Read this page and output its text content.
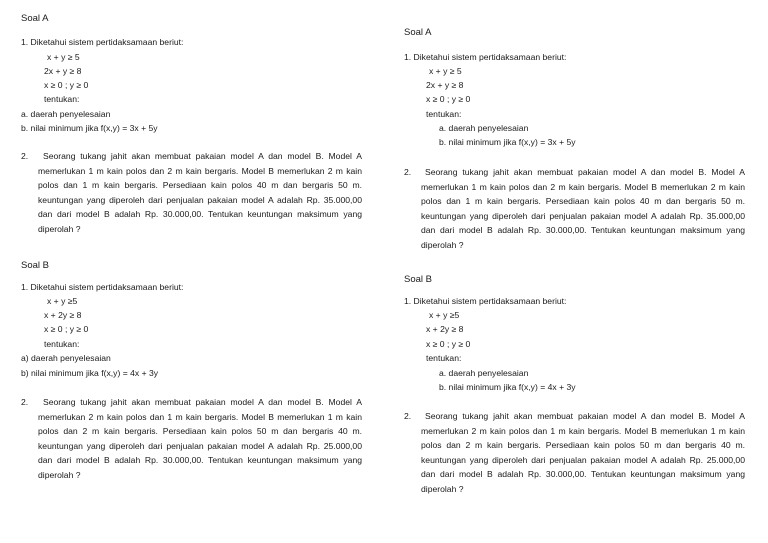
Soal A
1. Diketahui sistem pertidaksamaan beriut:
x + y ≥ 5
2x + y ≥ 8
x ≥ 0 ; y ≥ 0
tentukan:
a. daerah penyelesaian
b. nilai minimum jika f(x,y) = 3x + 5y
2.	Seorang tukang jahit akan membuat pakaian model A dan model B. Model A memerlukan 1 m kain polos dan 2 m kain bergaris. Model B memerlukan 2 m kain polos dan 1 m kain bergaris. Persediaan kain polos 40 m dan bergaris 50 m. keuntungan yang diperoleh dari penjualan pakaian model A adalah Rp. 35.000,00 dan dari model B adalah Rp. 30.000,00. Tentukan keuntungan maksimum yang diperolah ?
Soal B
1. Diketahui sistem pertidaksamaan beriut:
x + y ≥5
x + 2y ≥ 8
x ≥ 0 ; y ≥ 0
tentukan:
a) daerah penyelesaian
b) nilai minimum jika f(x,y) = 4x + 3y
2.	Seorang tukang jahit akan membuat pakaian model A dan model B. Model A memerlukan 2 m kain polos dan 1 m kain bergaris. Model B memerlukan 1 m kain polos dan 2 m kain bergaris. Persediaan kain polos 50 m dan bergaris 40 m. keuntungan yang diperoleh dari penjualan pakaian model A adalah Rp. 25.000,00 dan dari model B adalah Rp. 30.000,00. Tentukan keuntungan maksimum yang diperolah ?
Soal A
1. Diketahui sistem pertidaksamaan beriut:
x + y ≥ 5
2x + y ≥ 8
x ≥ 0 ; y ≥ 0
tentukan:
a. daerah penyelesaian
b. nilai minimum jika f(x,y) = 3x + 5y
2.	Seorang tukang jahit akan membuat pakaian model A dan model B. Model A memerlukan 1 m kain polos dan 2 m kain bergaris. Model B memerlukan 2 m kain polos dan 1 m kain bergaris. Persediaan kain polos 40 m dan bergaris 50 m. keuntungan yang diperoleh dari penjualan pakaian model A adalah Rp. 35.000,00 dan dari model B adalah Rp. 30.000,00. Tentukan keuntungan maksimum yang diperolah ?
Soal B
1. Diketahui sistem pertidaksamaan beriut:
x + y ≥5
x + 2y ≥ 8
x ≥ 0 ; y ≥ 0
tentukan:
a. daerah penyelesaian
b. nilai minimum jika f(x,y) = 4x + 3y
2.	Seorang tukang jahit akan membuat pakaian model A dan model B. Model A memerlukan 2 m kain polos dan 1 m kain bergaris. Model B memerlukan 1 m kain polos dan 2 m kain bergaris. Persediaan kain polos 50 m dan bergaris 40 m. keuntungan yang diperoleh dari penjualan pakaian model A adalah Rp. 25.000,00 dan dari model B adalah Rp. 30.000,00. Tentukan keuntungan maksimum yang diperolah ?
